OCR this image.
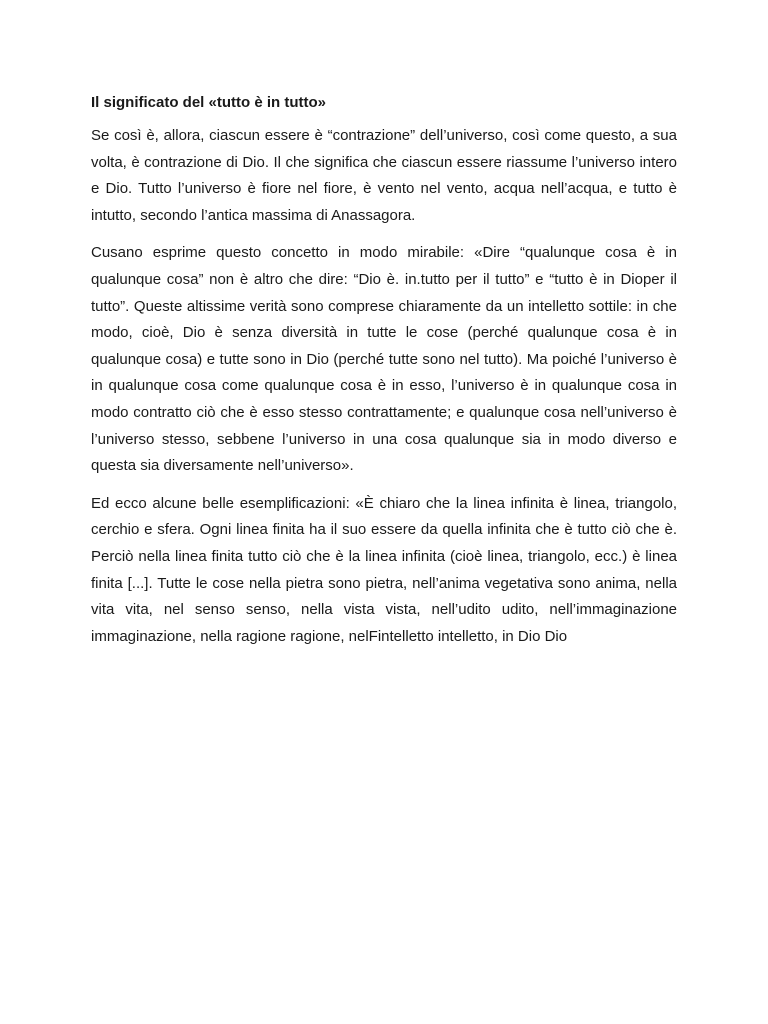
Il significato del «tutto è in tutto»

Se così è, allora, ciascun essere è “contrazione” dell’universo, così come questo, a sua volta, è contrazione di Dio. Il che significa che ciascun essere riassume l’universo intero e Dio. Tutto l’universo è fiore nel fiore, è vento nel vento, acqua nell’acqua, e tutto è intutto, secondo l’antica massima di Anassagora.

Cusano esprime questo concetto in modo mirabile: «Dire “qualunque cosa è in qualunque cosa” non è altro che dire: “Dio è. in.tutto per il tutto” e “tutto è in Dioper il tutto”. Queste altissime verità sono comprese chiaramente da un intelletto sottile: in che modo, cioè, Dio è senza diversità in tutte le cose (perché qualunque cosa è in qualunque cosa) e tutte sono in Dio (perché tutte sono nel tutto). Ma poiché l’universo è in qualunque cosa come qualunque cosa è in esso, l’universo è in qualunque cosa in modo contratto ciò che è esso stesso contrattamente; e qualunque cosa nell’universo è l’universo stesso, sebbene l’universo in una cosa qualunque sia in modo diverso e questa sia diversamente nell’universo».

Ed ecco alcune belle esemplificazioni: «È chiaro che la linea infinita è linea, triangolo, cerchio e sfera. Ogni linea finita ha il suo essere da quella infinita che è tutto ciò che è. Perciò nella linea finita tutto ciò che è la linea infinita (cioè linea, triangolo, ecc.) è linea finita [...]. Tutte le cose nella pietra sono pietra, nell’anima vegetativa sono anima, nella vita vita, nel senso senso, nella vista vista, nell’udito udito, nell’immaginazione immaginazione, nella ragione ragione, nelFintelletto intelletto, in Dio Dio
